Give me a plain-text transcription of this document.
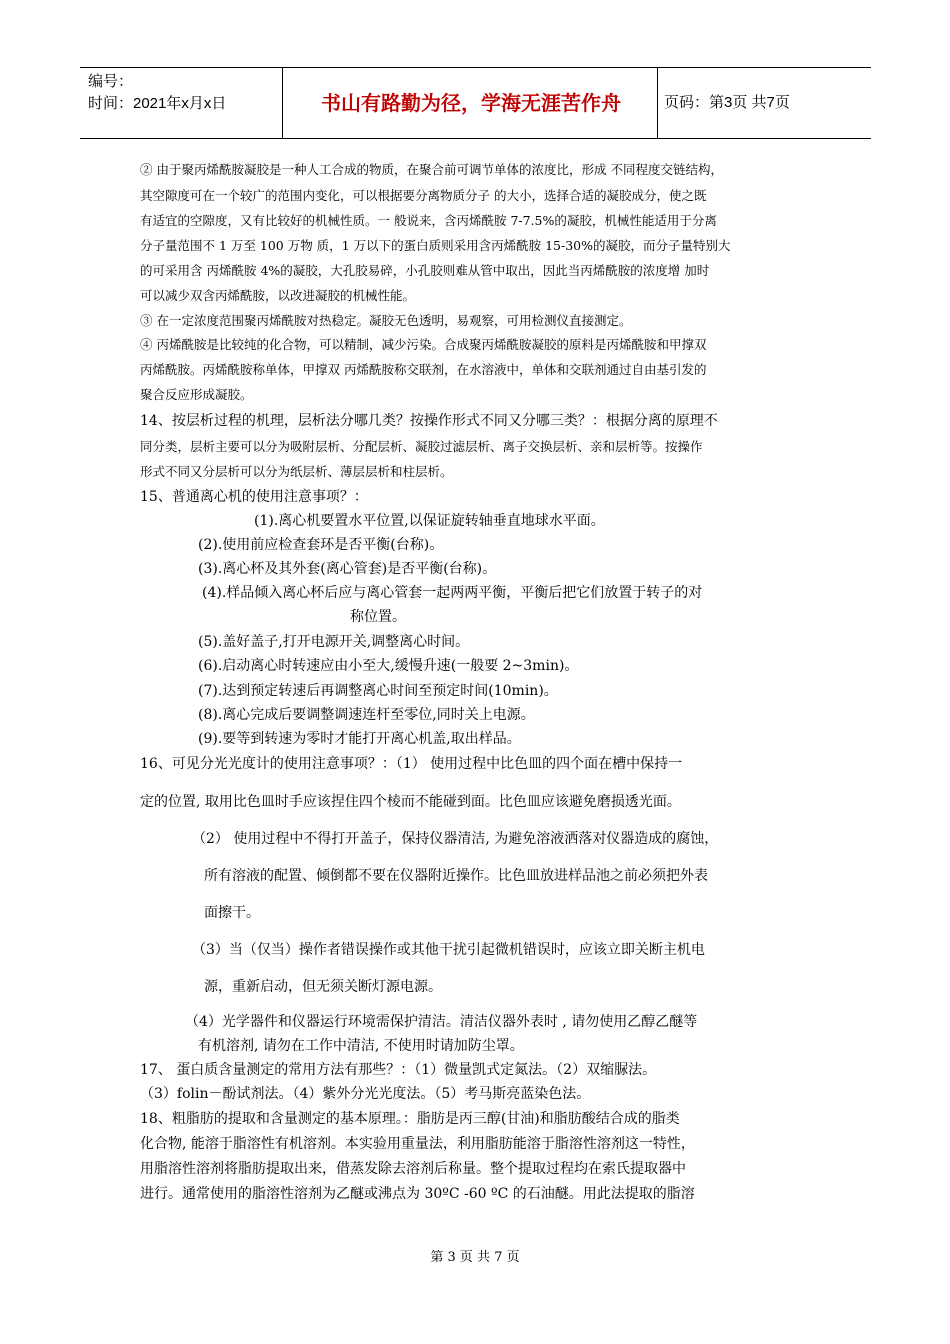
编号：
时间：2021年x月x日	书山有路勤为径，学海无涯苦作舟	页码：第3页 共7页
② 由于聚丙烯酰胺凝胶是一种人工合成的物质，在聚合前可调节单体的浓度比，形成 不同程度交链结构，
其空隙度可在一个较广的范围内变化，可以根据要分离物质分子 的大小，选择合适的凝胶成分，使之既
有适宜的空隙度，又有比较好的机械性质。一 般说来，含丙烯酰胺 7-7.5%的凝胶，机械性能适用于分离
分子量范围不 1 万至 100 万物 质，1 万以下的蛋白质则采用含丙烯酰胺 15-30%的凝胶，而分子量特别大
的可采用含 丙烯酰胺 4%的凝胶，大孔胶易碎，小孔胶则难从管中取出，因此当丙烯酰胺的浓度增 加时
可以减少双含丙烯酰胺，以改进凝胶的机械性能。
③ 在一定浓度范围聚丙烯酰胺对热稳定。凝胶无色透明，易观察，可用检测仪直接测定。
④ 丙烯酰胺是比较纯的化合物，可以精制，减少污染。合成聚丙烯酰胺凝胶的原料是丙烯酰胺和甲撑双
丙烯酰胺。丙烯酰胺称单体，甲撑双 丙烯酰胺称交联剂，在水溶液中，单体和交联剂通过自由基引发的
聚合反应形成凝胶。
14、按层析过程的机理，层析法分哪几类？按操作形式不同又分哪三类？：根据分离的原理不
同分类，层析主要可以分为吸附层析、分配层析、凝胶过滤层析、离子交换层析、亲和层析等。按操作
形式不同又分层析可以分为纸层析、薄层层析和柱层析。
15、普通离心机的使用注意事项？：
(1).离心机要置水平位置,以保证旋转轴垂直地球水平面。
(2).使用前应检查套环是否平衡(台称)。
(3).离心杯及其外套(离心管套)是否平衡(台称)。
(4).样品倾入离心杯后应与离心管套一起两两平衡，平衡后把它们放置于转子的对
称位置。
(5).盖好盖子,打开电源开关,调整离心时间。
(6).启动离心时转速应由小至大,缓慢升速(一般要 2~3min)。
(7).达到预定转速后再调整离心时间至预定时间(10min)。
(8).离心完成后要调整调速连杆至零位,同时关上电源。
(9).要等到转速为零时才能打开离心机盖,取出样品。
16、可见分光光度计的使用注意事项？：（1） 使用过程中比色皿的四个面在槽中保持一
定的位置, 取用比色皿时手应该捏住四个棱而不能碰到面。比色皿应该避免磨损透光面。
（2） 使用过程中不得打开盖子，保持仪器清洁, 为避免溶液洒落对仪器造成的腐蚀，
所有溶液的配置、倾倒都不要在仪器附近操作。比色皿放进样品池之前必须把外表
面擦干。
（3）当（仅当）操作者错误操作或其他干扰引起微机错误时，应该立即关断主机电
源，重新启动，但无须关断灯源电源。
（4）光学器件和仪器运行环境需保护清洁。清洁仪器外表时 , 请勿使用乙醇乙醚等
有机溶剂, 请勿在工作中清洁, 不使用时请加防尘罩。
17、 蛋白质含量测定的常用方法有那些？：（1）微量凯式定氮法。（2）双缩脲法。
（3）folin－酚试剂法。（4）紫外分光光度法。（5）考马斯亮蓝染色法。
18、粗脂肪的提取和含量测定的基本原理。：脂肪是丙三醇(甘油)和脂肪酸结合成的脂类
化合物, 能溶于脂溶性有机溶剂。本实验用重量法，利用脂肪能溶于脂溶性溶剂这一特性，
用脂溶性溶剂将脂肪提取出来，借蒸发除去溶剂后称量。整个提取过程均在索氏提取器中
进行。通常使用的脂溶性溶剂为乙醚或沸点为 30ºC -60 ºC 的石油醚。用此法提取的脂溶
第 3 页 共 7 页
